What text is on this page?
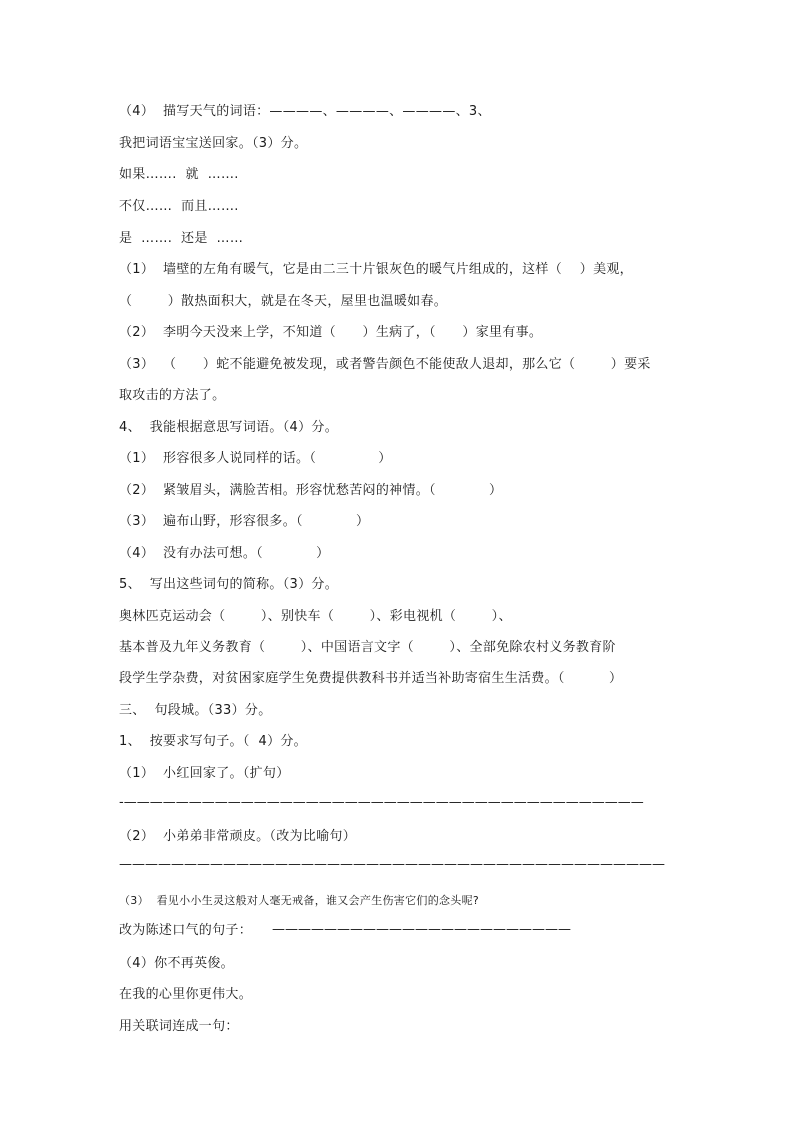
（4）  描写天气的词语：————、————、————、3、
我把词语宝宝送回家。（3）分。
如果…….  就  …….
不仅……  而且…….
是  …….  还是  ……
（1）  墙壁的左角有暖气，它是由二三十片银灰色的暖气片组成的，这样（    ）美观，
（        ）散热面积大，就是在冬天，屋里也温暖如春。
（2）  李明今天没来上学，不知道（      ）生病了，（      ）家里有事。
（3）  （      ）蛇不能避免被发现，或者警告颜色不能使敌人退却，那么它（        ）要采
取攻击的方法了。
4、  我能根据意思写词语。（4）分。
（1）  形容很多人说同样的话。（              ）
（2）  紧皱眉头，满脸苦相。形容忧愁苦闷的神情。（            ）
（3）  遍布山野，形容很多。（            ）
（4）  没有办法可想。（            ）
5、  写出这些词句的简称。（3）分。
奥林匹克运动会（        ）、别快车（        ）、彩电视机（        ）、
基本普及九年义务教育（        ）、中国语言文字（        ）、全部免除农村义务教育阶
段学生学杂费，对贫困家庭学生免费提供教科书并适当补助寄宿生生活费。（          ）
三、  句段城。（33）分。
1、  按要求写句子。（  4）分。
（1）  小红回家了。（扩句）
-————————————————————————————————————————
（2）  小弟弟非常顽皮。（改为比喻句）
——————————————————————————————————————————
（3）  看见小小生灵这般对人毫无戒备，谁又会产生伤害它们的念头呢?
改为陈述口气的句子： ———————————————————————
（4）你不再英俊。
在我的心里你更伟大。
用关联词连成一句：
